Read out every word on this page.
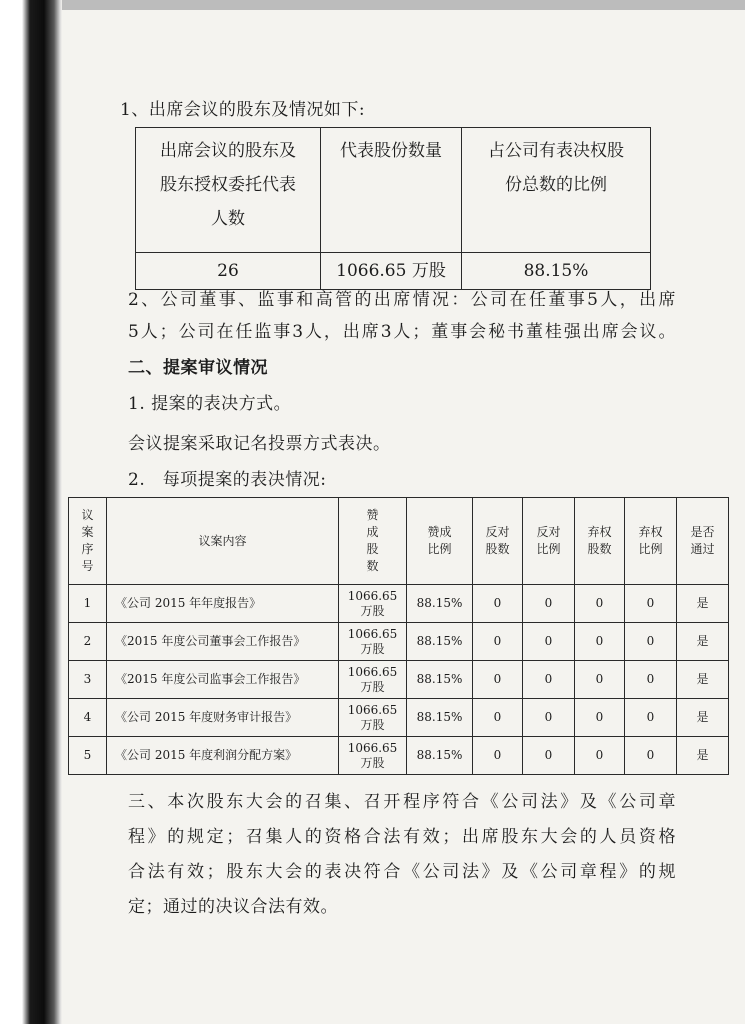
1、出席会议的股东及情况如下:
出席会议的股东及
股东授权委托代表
人数	代表股份数量	占公司有表决权股
份总数的比例

26	1066.65 万股	88.15%
2、公司董事、监事和高管的出席情况：公司在任董事5人，出席
5人；公司在任监事3人，出席3人；董事会秘书董桂强出席会议。
二、提案审议情况
1. 提案的表决方式。
会议提案采取记名投票方式表决。
2.　每项提案的表决情况:
议
案
序
号	议案内容	赞
成
股
数	赞成
比例	反对
股数	反对
比例	弃权
股数	弃权
比例	是否
通过
1	《公司 2015 年年度报告》	1066.65
万股	88.15%	0	0	0	0	是
2	《2015 年度公司董事会工作报告》	1066.65
万股	88.15%	0	0	0	0	是
3	《2015 年度公司监事会工作报告》	1066.65
万股	88.15%	0	0	0	0	是
4	《公司 2015 年度财务审计报告》	1066.65
万股	88.15%	0	0	0	0	是
5	《公司 2015 年度利润分配方案》	1066.65
万股	88.15%	0	0	0	0	是
三、本次股东大会的召集、召开程序符合《公司法》及《公司章
程》的规定；召集人的资格合法有效；出席股东大会的人员资格
合法有效；股东大会的表决符合《公司法》及《公司章程》的规
定；通过的决议合法有效。
